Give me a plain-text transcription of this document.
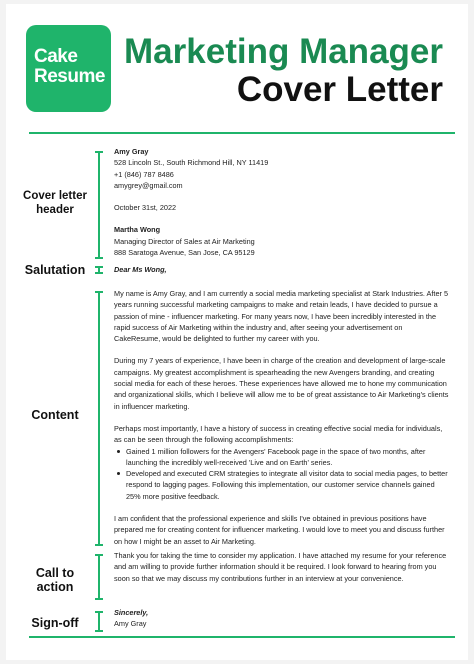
Cake
Resume
Marketing Manager
Cover Letter
Cover letter header
Amy Gray
528 Lincoln St., South Richmond Hill, NY 11419
+1 (846) 787 8486
amygrey@gmail.com
October 31st, 2022
Martha Wong
Managing Director of Sales at Air Marketing
888 Saratoga Avenue, San Jose, CA 95129
Salutation	Dear Ms Wong,
Content

My name is Amy Gray, and I am currently a social media marketing specialist at Stark Industries. After 5 years running successful marketing campaigns to make and retain leads, I have decided to pursue a passion of mine - influencer marketing. For many years now, I have been incredibly interested in the rapid success of Air Marketing within the industry and, after seeing your advertisement on CakeResume, would be delighted to further my career with you.

During my 7 years of experience, I have been in charge of the creation and development of large-scale campaigns. My greatest accomplishment is spearheading the new Avengers branding, and creating social media for each of these heroes. These experiences have allowed me to hone my communication and organizational skills, which I believe will allow me to be of great assistance to Air Marketing's clients in influencer marketing.

Perhaps most importantly, I have a history of success in creating effective social media for individuals, as can be seen through the following accomplishments:

Gained 1 million followers for the Avengers' Facebook page in the space of two months, after launching the incredibly well-received 'Live and on Earth' series.
Developed and executed CRM strategies to integrate all visitor data to social media pages, to better respond to lagging pages. Following this implementation, our customer service channels gained 25% more positive feedback.

I am confident that the professional experience and skills I've obtained in previous positions have prepared me for creating content for influencer marketing. I would love to meet you and discuss further on how I might be an asset to Air Marketing.

Call to action
Thank you for taking the time to consider my application. I have attached my resume for your reference and am willing to provide further information should it be required. I look forward to hearing from you soon so that we may discuss my contributions further in an interview at your convenience.
Sign-off
Sincerely,
Amy Gray
